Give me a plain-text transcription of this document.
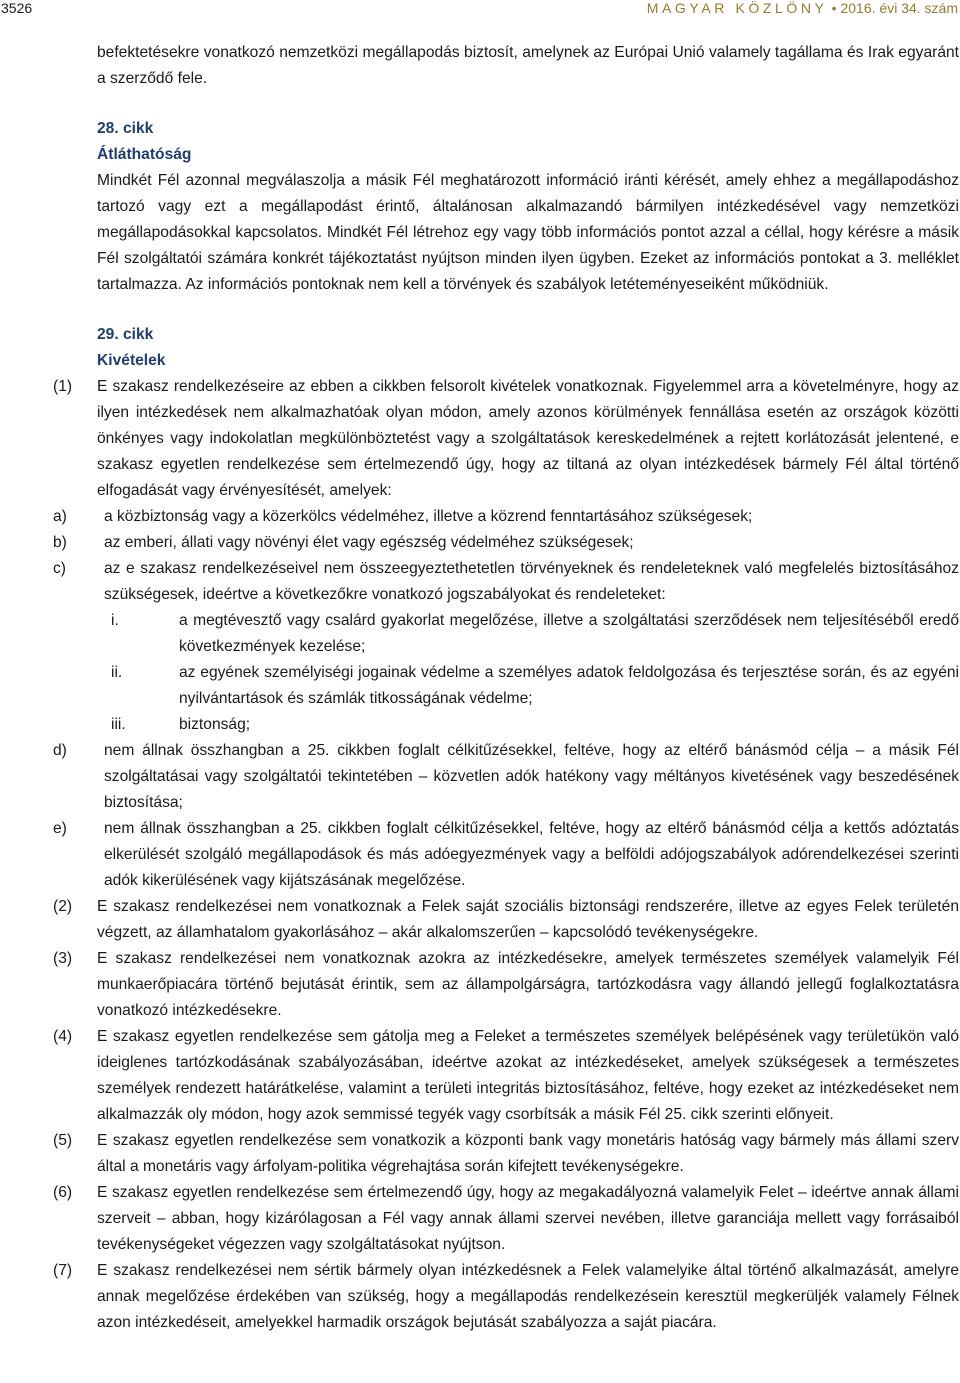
3526	MAGYAR KÖZLÖNY • 2016. évi 34. szám

befektetésekre vonatkozó nemzetközi megállapodás biztosít, amelynek az Európai Unió valamely tagállama és Irak egyaránt a szerződő fele.

28. cikk

Átláthatóság

Mindkét Fél azonnal megválaszolja a másik Fél meghatározott információ iránti kérését, amely ehhez a megállapodáshoz tartozó vagy ezt a megállapodást érintő, általánosan alkalmazandó bármilyen intézkedésével vagy nemzetközi megállapodásokkal kapcsolatos. Mindkét Fél létrehoz egy vagy több információs pontot azzal a céllal, hogy kérésre a másik Fél szolgáltatói számára konkrét tájékoztatást nyújtson minden ilyen ügyben. Ezeket az információs pontokat a 3. melléklet tartalmazza. Az információs pontoknak nem kell a törvények és szabályok letéteményeseiként működniük.

29. cikk

Kivételek

(1)	E szakasz rendelkezéseire az ebben a cikkben felsorolt kivételek vonatkoznak. Figyelemmel arra a követelményre, hogy az ilyen intézkedések nem alkalmazhatóak olyan módon, amely azonos körülmények fennállása esetén az országok közötti önkényes vagy indokolatlan megkülönböztetést vagy a szolgáltatások kereskedelmének a rejtett korlátozását jelentené, e szakasz egyetlen rendelkezése sem értelmezendő úgy, hogy az tiltaná az olyan intézkedések bármely Fél által történő elfogadását vagy érvényesítését, amelyek:

a)	a közbiztonság vagy a közerkölcs védelméhez, illetve a közrend fenntartásához szükségesek;

b)	az emberi, állati vagy növényi élet vagy egészség védelméhez szükségesek;

c)	az e szakasz rendelkezéseivel nem összeegyeztethetetlen törvényeknek és rendeleteknek való megfelelés biztosításához szükségesek, ideértve a következőkre vonatkozó jogszabályokat és rendeleteket:

i.	a megtévesztő vagy csalárd gyakorlat megelőzése, illetve a szolgáltatási szerződések nem teljesítéséből eredő következmények kezelése;

ii.	az egyének személyiségi jogainak védelme a személyes adatok feldolgozása és terjesztése során, és az egyéni nyilvántartások és számlák titkosságának védelme;

iii.	biztonság;

d)	nem állnak összhangban a 25. cikkben foglalt célkitűzésekkel, feltéve, hogy az eltérő bánásmód célja – a másik Fél szolgáltatásai vagy szolgáltatói tekintetében – közvetlen adók hatékony vagy méltányos kivetésének vagy beszedésének biztosítása;

e)	nem állnak összhangban a 25. cikkben foglalt célkitűzésekkel, feltéve, hogy az eltérő bánásmód célja a kettős adóztatás elkerülését szolgáló megállapodások és más adóegyezmények vagy a belföldi adójogszabályok adórendelkezései szerinti adók kikerülésének vagy kijátszásának megelőzése.

(2)	E szakasz rendelkezései nem vonatkoznak a Felek saját szociális biztonsági rendszerére, illetve az egyes Felek területén végzett, az államhatalom gyakorlásához – akár alkalomszerűen – kapcsolódó tevékenységekre.

(3)	E szakasz rendelkezései nem vonatkoznak azokra az intézkedésekre, amelyek természetes személyek valamelyik Fél munkaerőpiacára történő bejutását érintik, sem az állampolgárságra, tartózkodásra vagy állandó jellegű foglalkoztatásra vonatkozó intézkedésekre.

(4)	E szakasz egyetlen rendelkezése sem gátolja meg a Feleket a természetes személyek belépésének vagy területükön való ideiglenes tartózkodásának szabályozásában, ideértve azokat az intézkedéseket, amelyek szükségesek a természetes személyek rendezett határátkelése, valamint a területi integritás biztosításához, feltéve, hogy ezeket az intézkedéseket nem alkalmazzák oly módon, hogy azok semmissé tegyék vagy csorbítsák a másik Fél 25. cikk szerinti előnyeit.

(5)	E szakasz egyetlen rendelkezése sem vonatkozik a központi bank vagy monetáris hatóság vagy bármely más állami szerv által a monetáris vagy árfolyam-politika végrehajtása során kifejtett tevékenységekre.

(6)	E szakasz egyetlen rendelkezése sem értelmezendő úgy, hogy az megakadályozná valamelyik Felet – ideértve annak állami szerveit – abban, hogy kizárólagosan a Fél vagy annak állami szervei nevében, illetve garanciája mellett vagy forrásaiból tevékenységeket végezzen vagy szolgáltatásokat nyújtson.

(7)	E szakasz rendelkezései nem sértik bármely olyan intézkedésnek a Felek valamelyike által történő alkalmazását, amelyre annak megelőzése érdekében van szükség, hogy a megállapodás rendelkezésein keresztül megkerüljék valamely Félnek azon intézkedéseit, amelyekkel harmadik országok bejutását szabályozza a saját piacára.
